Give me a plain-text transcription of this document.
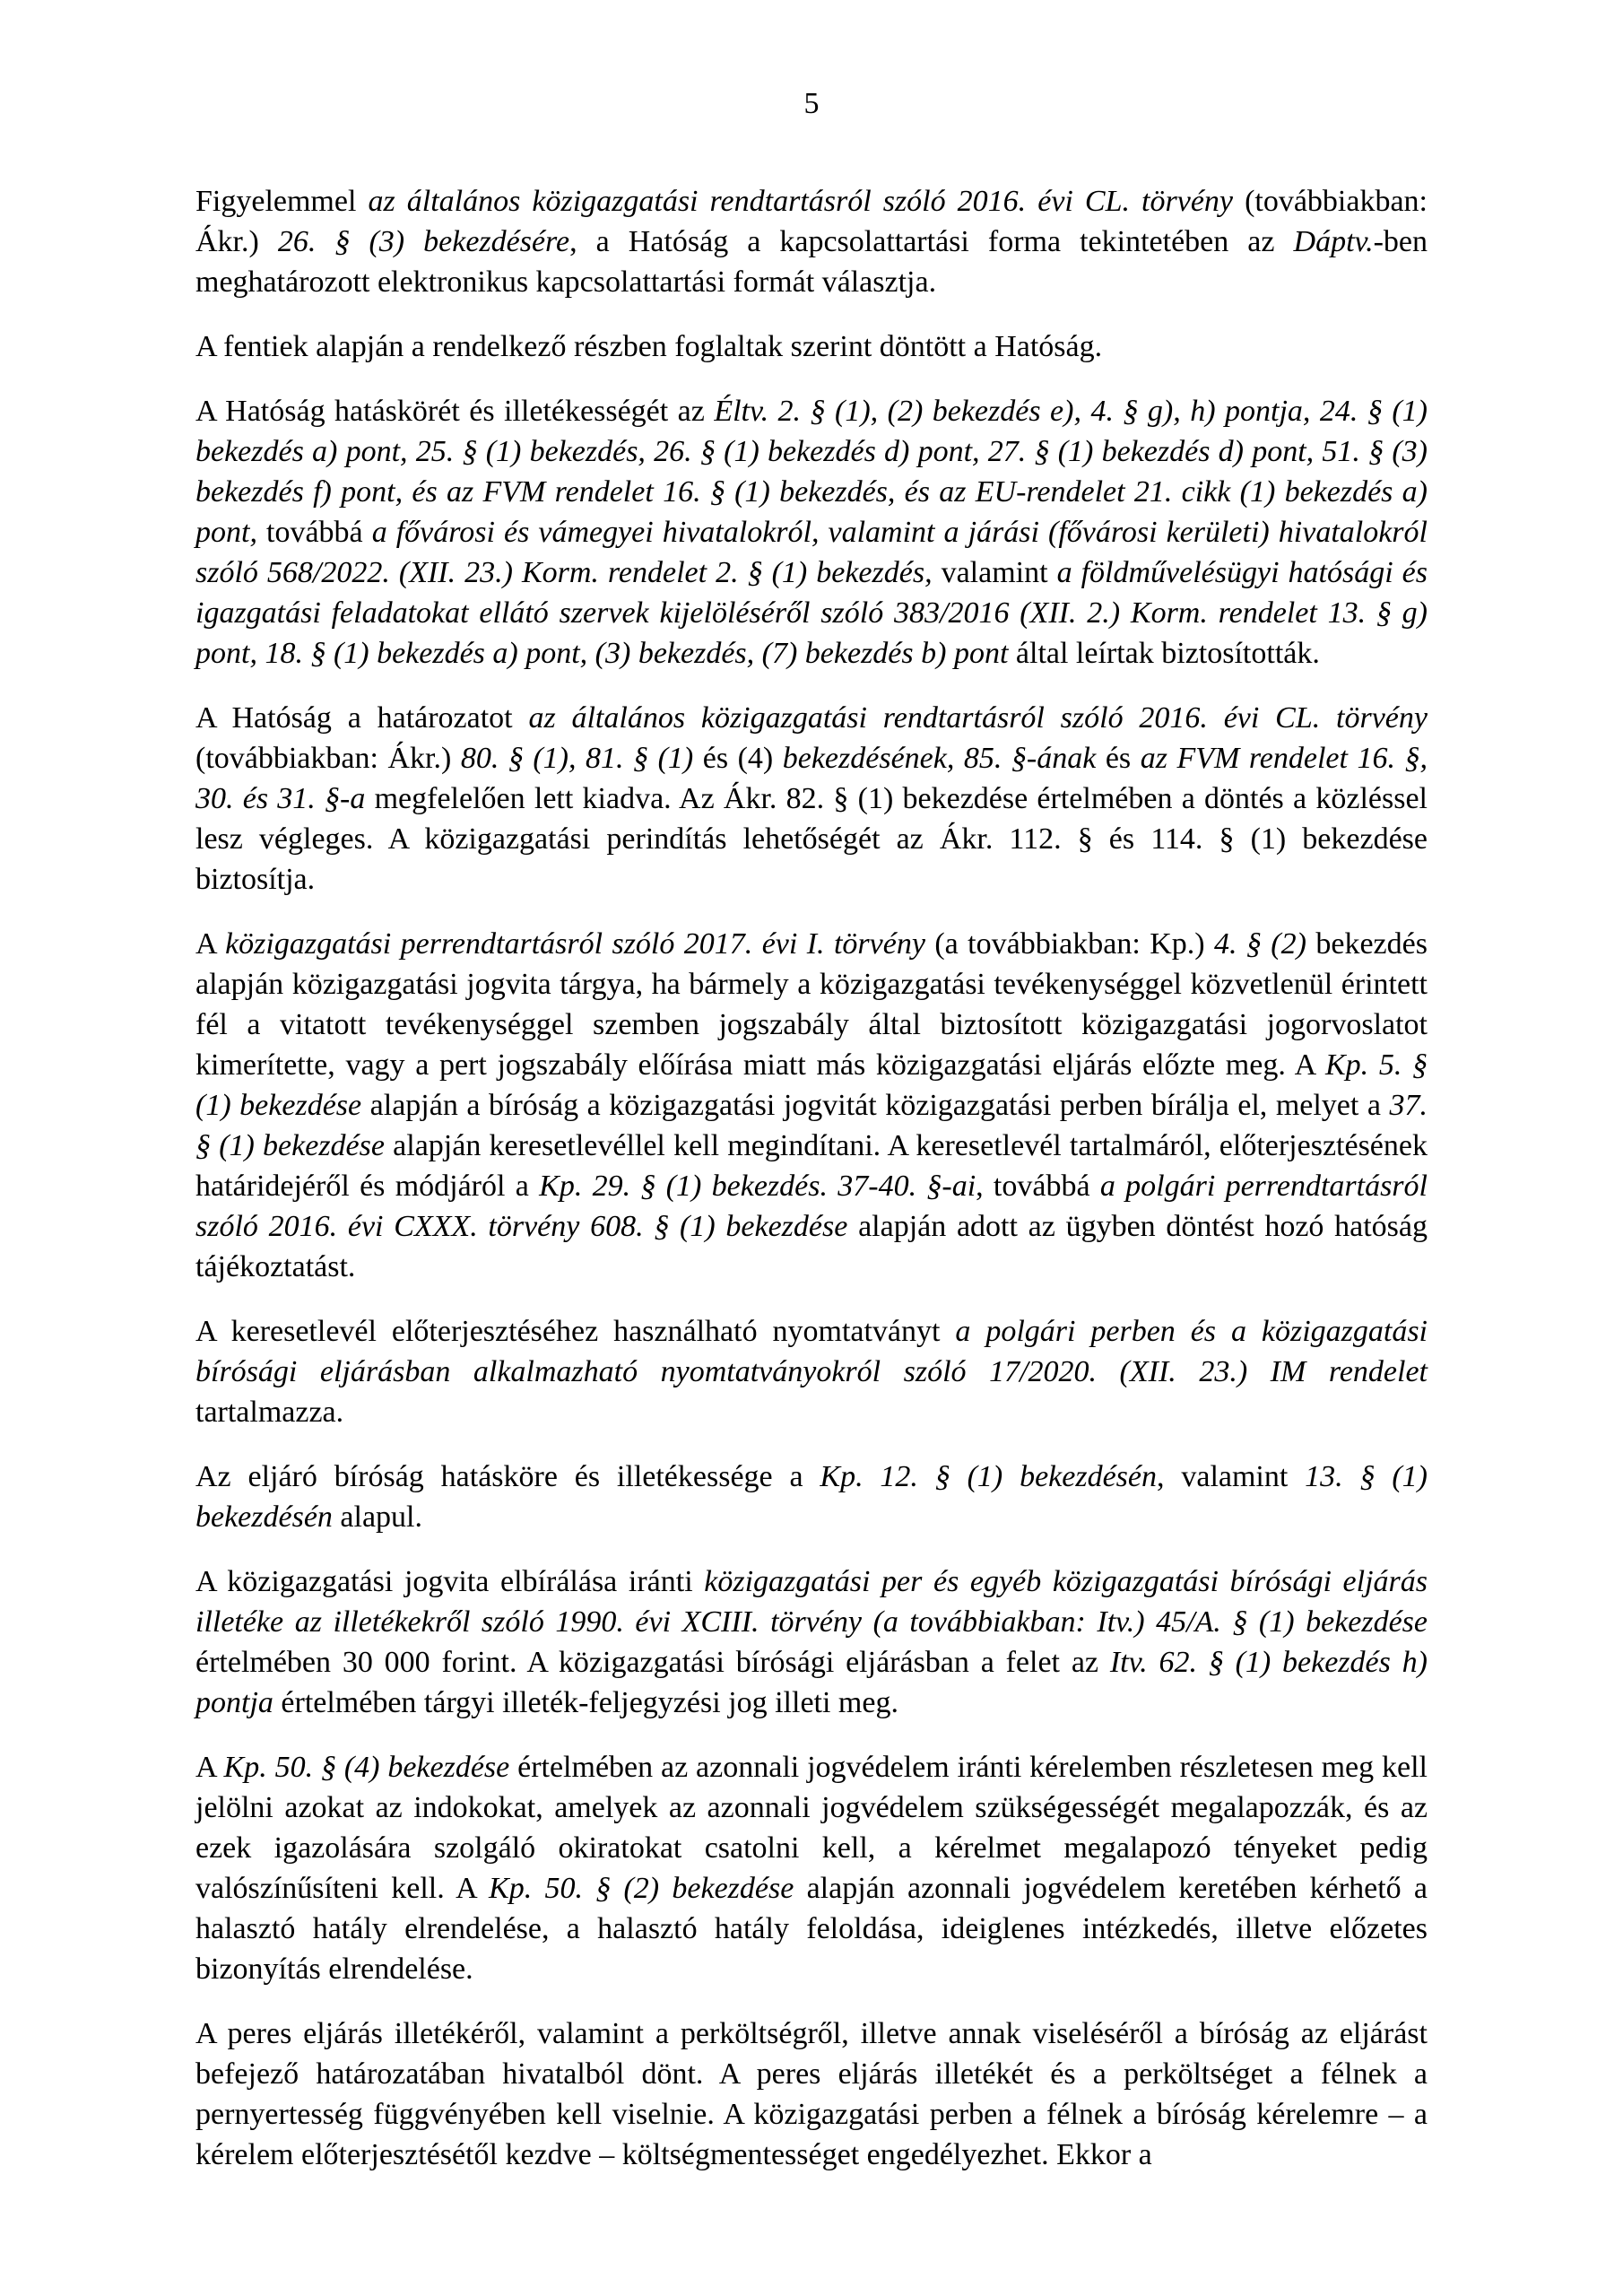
5

Figyelemmel az általános közigazgatási rendtartásról szóló 2016. évi CL. törvény (továbbiakban: Ákr.) 26. § (3) bekezdésére, a Hatóság a kapcsolattartási forma tekintetében az Dáptv.-ben meghatározott elektronikus kapcsolattartási formát választja.

A fentiek alapján a rendelkező részben foglaltak szerint döntött a Hatóság.

A Hatóság hatáskörét és illetékességét az Éltv. 2. § (1), (2) bekezdés e), 4. § g), h) pontja, 24. § (1) bekezdés a) pont, 25. § (1) bekezdés, 26. § (1) bekezdés d) pont, 27. § (1) bekezdés d) pont, 51. § (3) bekezdés f) pont, és az FVM rendelet 16. § (1) bekezdés, és az EU-rendelet 21. cikk (1) bekezdés a) pont, továbbá a fővárosi és vámegyei hivatalokról, valamint a járási (fővárosi kerületi) hivatalokról szóló 568/2022. (XII. 23.) Korm. rendelet 2. § (1) bekezdés, valamint a földművelésügyi hatósági és igazgatási feladatokat ellátó szervek kijelöléséről szóló 383/2016 (XII. 2.) Korm. rendelet 13. § g) pont, 18. § (1) bekezdés a) pont, (3) bekezdés, (7) bekezdés b) pont által leírtak biztosították.

A Hatóság a határozatot az általános közigazgatási rendtartásról szóló 2016. évi CL. törvény (továbbiakban: Ákr.) 80. § (1), 81. § (1) és (4) bekezdésének, 85. §-ának és az FVM rendelet 16. §, 30. és 31. §-a megfelelően lett kiadva. Az Ákr. 82. § (1) bekezdése értelmében a döntés a közléssel lesz végleges. A közigazgatási perindítás lehetőségét az Ákr. 112. § és 114. § (1) bekezdése biztosítja.

A közigazgatási perrendtartásról szóló 2017. évi I. törvény (a továbbiakban: Kp.) 4. § (2) bekezdés alapján közigazgatási jogvita tárgya, ha bármely a közigazgatási tevékenységgel közvetlenül érintett fél a vitatott tevékenységgel szemben jogszabály által biztosított közigazgatási jogorvoslatot kimerítette, vagy a pert jogszabály előírása miatt más közigazgatási eljárás előzte meg. A Kp. 5. § (1) bekezdése alapján a bíróság a közigazgatási jogvitát közigazgatási perben bírálja el, melyet a 37. § (1) bekezdése alapján keresetlevéllel kell megindítani. A keresetlevél tartalmáról, előterjesztésének határidejéről és módjáról a Kp. 29. § (1) bekezdés. 37-40. §-ai, továbbá a polgári perrendtartásról szóló 2016. évi CXXX. törvény 608. § (1) bekezdése alapján adott az ügyben döntést hozó hatóság tájékoztatást.

A keresetlevél előterjesztéséhez használható nyomtatványt a polgári perben és a közigazgatási bírósági eljárásban alkalmazható nyomtatványokról szóló 17/2020. (XII. 23.) IM rendelet tartalmazza.

Az eljáró bíróság hatásköre és illetékessége a Kp. 12. § (1) bekezdésén, valamint 13. § (1) bekezdésén alapul.

A közigazgatási jogvita elbírálása iránti közigazgatási per és egyéb közigazgatási bírósági eljárás illetéke az illetékekről szóló 1990. évi XCIII. törvény (a továbbiakban: Itv.) 45/A. § (1) bekezdése értelmében 30 000 forint. A közigazgatási bírósági eljárásban a felet az Itv. 62. § (1) bekezdés h) pontja értelmében tárgyi illeték-feljegyzési jog illeti meg.

A Kp. 50. § (4) bekezdése értelmében az azonnali jogvédelem iránti kérelemben részletesen meg kell jelölni azokat az indokokat, amelyek az azonnali jogvédelem szükségességét megalapozzák, és az ezek igazolására szolgáló okiratokat csatolni kell, a kérelmet megalapozó tényeket pedig valószínűsíteni kell. A Kp. 50. § (2) bekezdése alapján azonnali jogvédelem keretében kérhető a halasztó hatály elrendelése, a halasztó hatály feloldása, ideiglenes intézkedés, illetve előzetes bizonyítás elrendelése.

A peres eljárás illetékéről, valamint a perköltségről, illetve annak viseléséről a bíróság az eljárást befejező határozatában hivatalból dönt. A peres eljárás illetékét és a perköltséget a félnek a pernyertesség függvényében kell viselnie. A közigazgatási perben a félnek a bíróság kérelemre – a kérelem előterjesztésétől kezdve – költségmentességet engedélyezhet. Ekkor a
